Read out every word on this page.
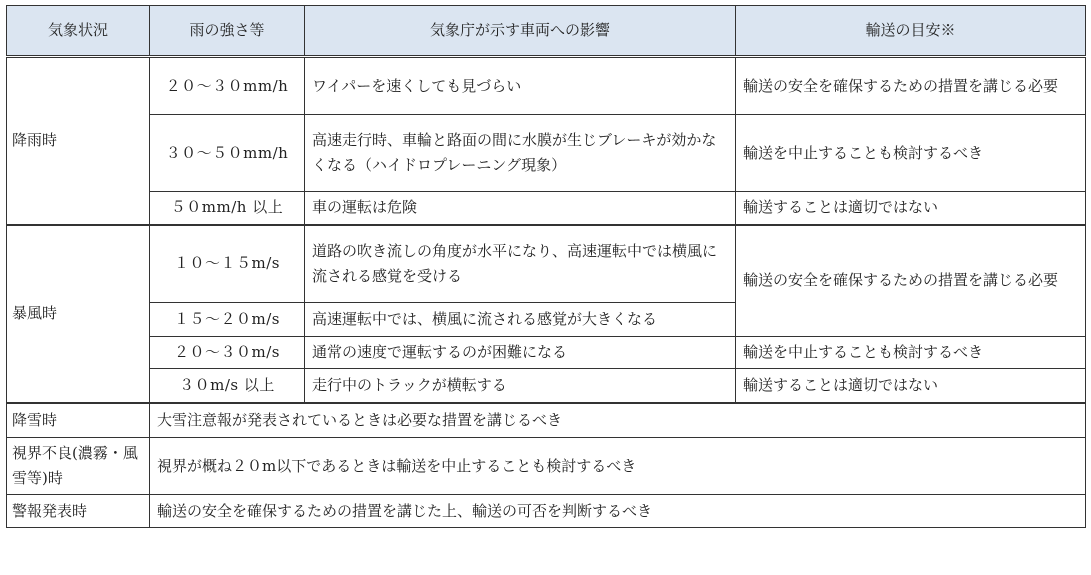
気象状況	雨の強さ等	気象庁が示す車両への影響	輸送の目安※
降雨時	２０～３０mm/h	ワイパーを速くしても見づらい	輸送の安全を確保するための措置を講じる必要
	３０～５０mm/h	高速走行時、車輪と路面の間に水膜が生じブレーキが効かなくなる（ハイドロプレーニング現象）	輸送を中止することも検討するべき
	５０mm/h 以上	車の運転は危険	輸送することは適切ではない
暴風時	１０～１５m/s	道路の吹き流しの角度が水平になり、高速運転中では横風に流される感覚を受ける	輸送の安全を確保するための措置を講じる必要
	１５～２０m/s	高速運転中では、横風に流される感覚が大きくなる	
	２０～３０m/s	通常の速度で運転するのが困難になる	輸送を中止することも検討するべき
	３０m/s 以上	走行中のトラックが横転する	輸送することは適切ではない
降雪時	大雪注意報が発表されているときは必要な措置を講じるべき		
視界不良(濃霧・風雪等)時	視界が概ね２０m以下であるときは輸送を中止することも検討するべき		
警報発表時	輸送の安全を確保するための措置を講じた上、輸送の可否を判断するべき		
